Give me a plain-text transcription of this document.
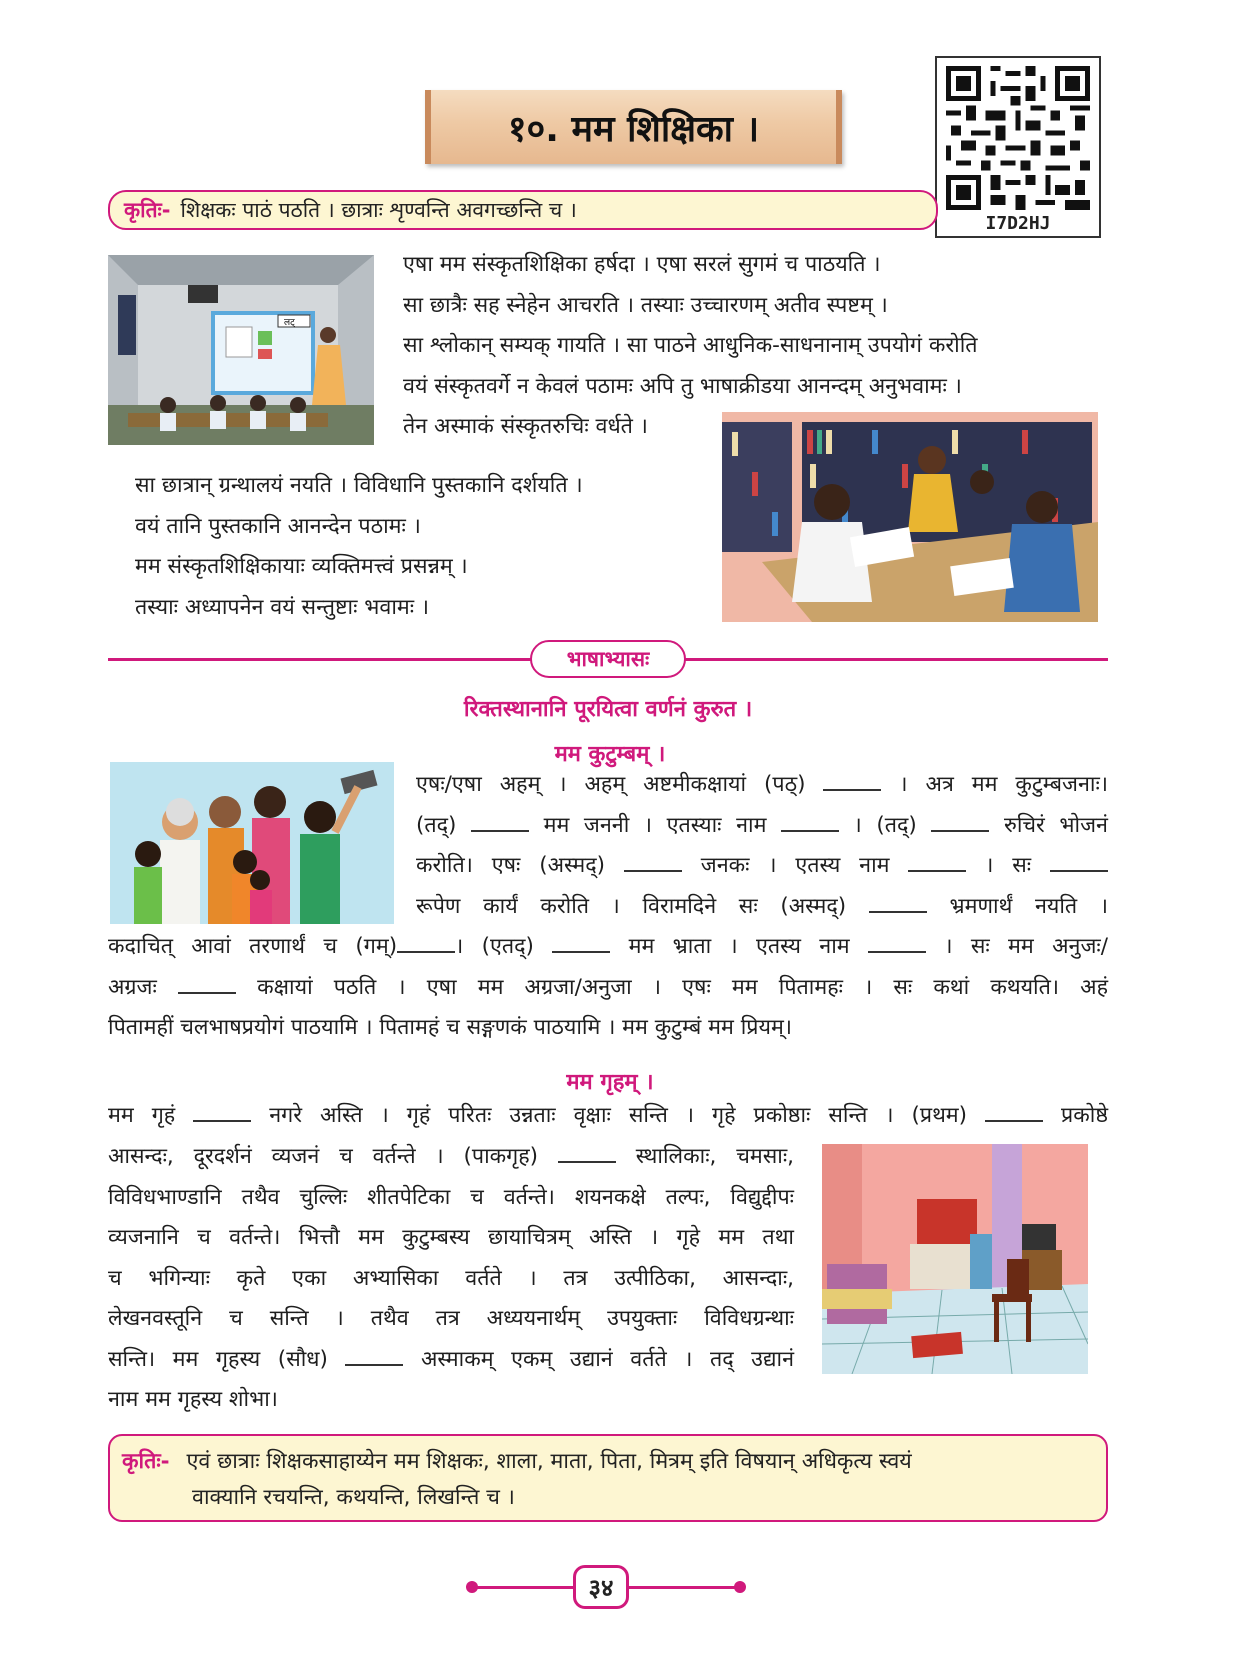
१०. मम शिक्षिका ।
I7D2HJ
कृतिः- शिक्षकः पाठं पठति । छात्राः शृण्वन्ति अवगच्छन्ति च ।
लट्
एषा मम संस्कृतशिक्षिका हर्षदा । एषा सरलं सुगमं च पाठयति ।
सा छात्रैः सह स्नेहेन आचरति । तस्याः उच्चारणम् अतीव स्पष्टम् ।
सा श्लोकान् सम्यक् गायति । सा पाठने आधुनिक-साधनानाम् उपयोगं करोति
वयं संस्कृतवर्गे न केवलं पठामः अपि तु भाषाक्रीडया आनन्दम् अनुभवामः ।
तेन अस्माकं संस्कृतरुचिः वर्धते ।
सा छात्रान् ग्रन्थालयं नयति । विविधानि पुस्तकानि दर्शयति ।
वयं तानि पुस्तकानि आनन्देन पठामः ।
मम संस्कृतशिक्षिकायाः व्यक्तिमत्त्वं प्रसन्नम् ।
तस्याः अध्यापनेन वयं सन्तुष्टाः भवामः ।
भाषाभ्यासः
रिक्तस्थानानि पूरयित्वा वर्णनं कुरुत ।
मम कुटुम्बम् ।
एषः/एषा अहम् । अहम् अष्टमीकक्षायां (पठ्)	। अत्र मम कुटुम्बजनाः।
(तद्)	मम जननी । एतस्याः नाम	। (तद्)	रुचिरं भोजनं
करोति। एषः (अस्मद्)	जनकः । एतस्य नाम	। सः
रूपेण कार्यं करोति । विरामदिने सः (अस्मद्)	भ्रमणार्थं नयति ।
कदाचित् आवां तरणार्थं च (गम्)	। (एतद्)	मम भ्राता । एतस्य नाम	। सः मम अनुजः/
अग्रजः	कक्षायां पठति । एषा मम अग्रजा/अनुजा । एषः मम पितामहः । सः कथां कथयति। अहं
पितामहीं चलभाषप्रयोगं पाठयामि । पितामहं च सङ्गणकं पाठयामि । मम कुटुम्बं मम प्रियम्।
मम गृहम् ।
मम गृहं	नगरे अस्ति । गृहं परितः उन्नताः वृक्षाः सन्ति । गृहे प्रकोष्ठाः सन्ति । (प्रथम)	प्रकोष्ठे
आसन्दः, दूरदर्शनं व्यजनं च वर्तन्ते । (पाकगृह)	स्थालिकाः, चमसाः,
विविधभाण्डानि तथैव चुल्लिः शीतपेटिका च वर्तन्ते। शयनकक्षे तल्पः, विद्युद्दीपः
व्यजनानि च वर्तन्ते। भित्तौ मम कुटुम्बस्य छायाचित्रम् अस्ति । गृहे मम तथा
च भगिन्याः कृते एका अभ्यासिका वर्तते । तत्र उत्पीठिका, आसन्दाः,
लेखनवस्तूनि च सन्ति । तथैव तत्र अध्ययनार्थम् उपयुक्ताः विविधग्रन्थाः
सन्ति। मम गृहस्य (सौध)	अस्माकम् एकम् उद्यानं वर्तते । तद् उद्यानं
नाम मम गृहस्य शोभा।
कृतिः- एवं छात्राः शिक्षकसाहाय्येन मम शिक्षकः, शाला, माता, पिता, मित्रम् इति विषयान् अधिकृत्य स्वयं
वाक्यानि रचयन्ति, कथयन्ति, लिखन्ति च ।
३४
